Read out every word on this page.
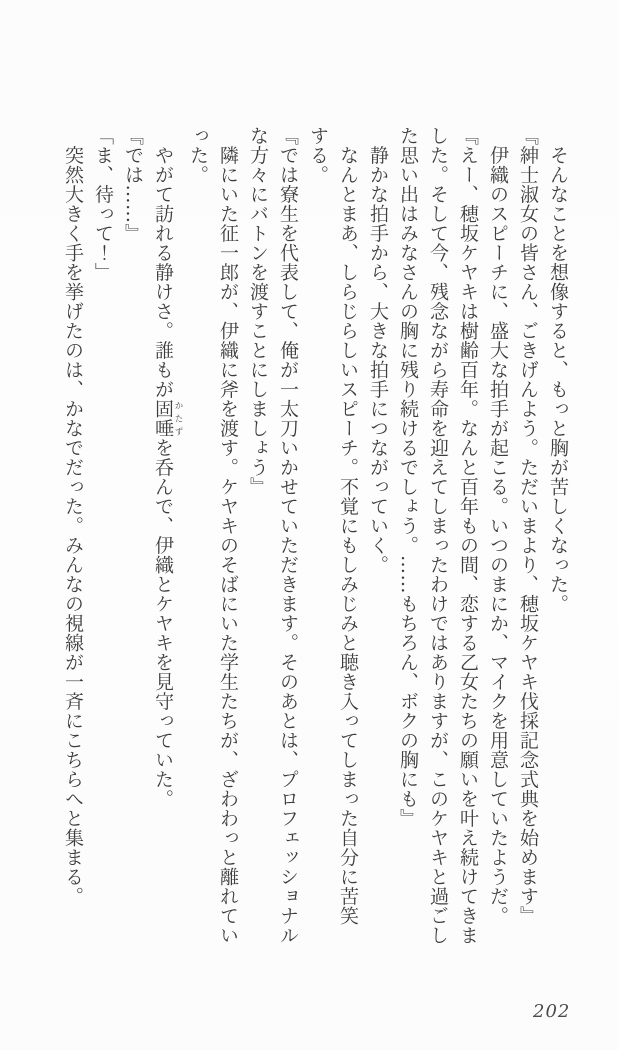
　そんなことを想像すると、もっと胸が苦しくなった。

『紳士淑女の皆さん、ごきげんよう。ただいまより、穂坂ケヤキ伐採記念式典を始めます』

　伊織のスピーチに、盛大な拍手が起こる。いつのまにか、マイクを用意していたようだ。

『えー、穂坂ケヤキは樹齢百年。なんと百年もの間、恋する乙女たちの願いを叶え続けてきま

した。そして今、残念ながら寿命を迎えてしまったわけではありますが、このケヤキと過ごし

た思い出はみなさんの胸に残り続けるでしょう。……もちろん、ボクの胸にも』

　静かな拍手から、大きな拍手につながっていく。

　なんとまあ、しらじらしいスピーチ。不覚にもしみじみと聴き入ってしまった自分に苦笑

する。

『では寮生を代表して、俺が一太刀いかせていただきます。そのあとは、プロフェッショナル

な方々にバトンを渡すことにしましょう』

　隣にいた征一郎が、伊織に斧を渡す。ケヤキのそばにいた学生たちが、ざわわっと離れてい

った。

　やがて訪れる静けさ。誰もが固唾 かたずを呑んで、伊織とケヤキを見守っていた。

『では……』

「ま、待って！」

　突然大きく手を挙げたのは、かなでだった。みんなの視線が一斉にこちらへと集まる。

202
